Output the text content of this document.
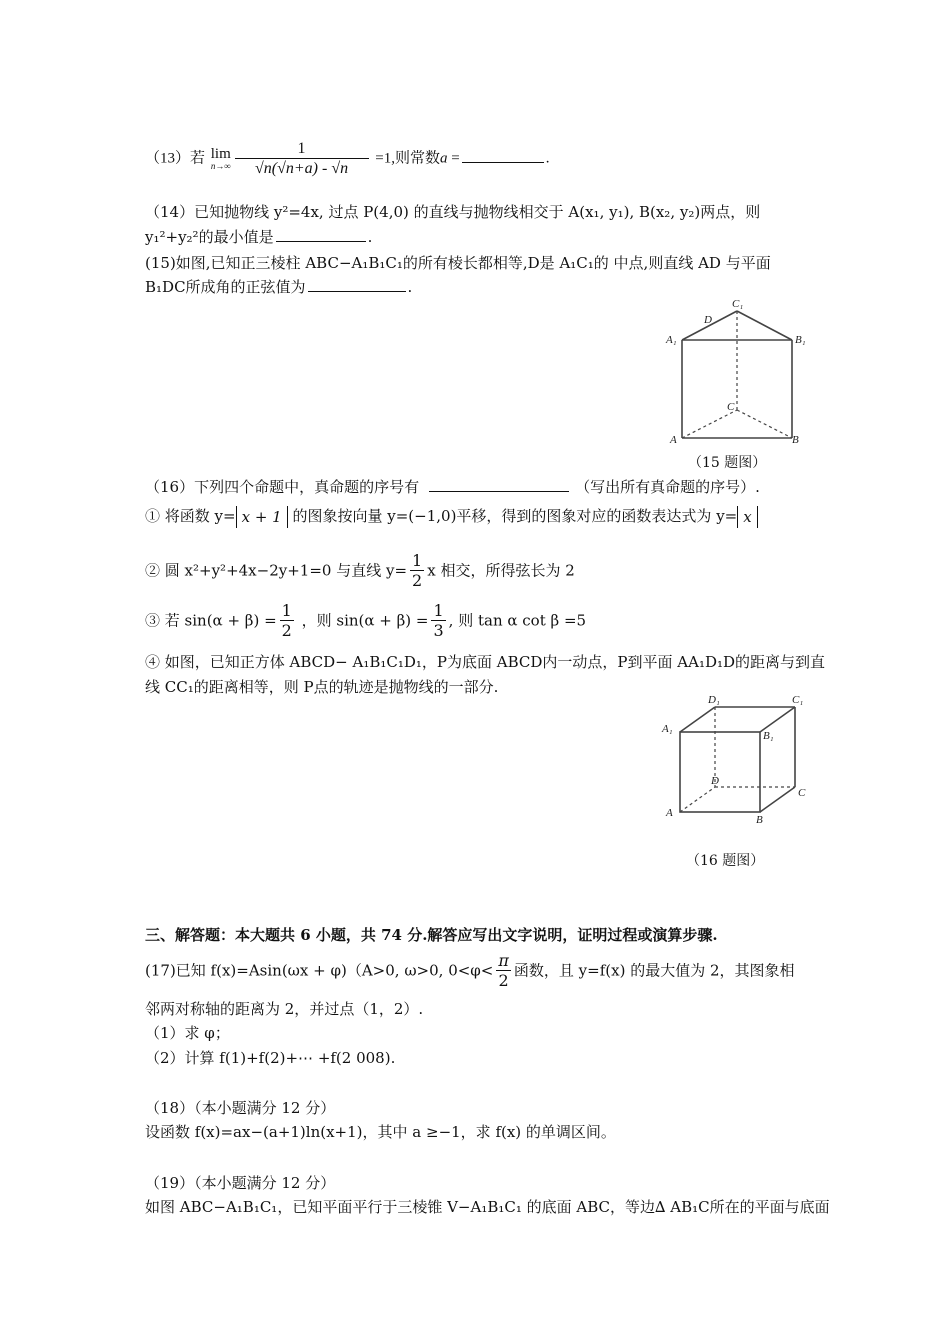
（13）若 lim
n→∞
$\frac{1}{√n(√n+a) - √n} =1$,则常数a =	.
（14）已知抛物线 y²=4x, 过点 P(4,0) 的直线与抛物线相交于 A(x₁, y₁), B(x₂, y₂)两点，则
y₁²+y₂²的最小值是	.
(15)如图,已知正三棱柱 ABC−A₁B₁C₁的所有棱长都相等,D是 A₁C₁的 中点,则直线 AD 与平面
B₁DC所成角的正弦值为	.
C₁
D
A₁	B₁
C
A	B
（15 题图）
（16）下列四个命题中，真命题的序号有	（写出所有真命题的序号）.
① 将函数 y= x + 1 的图象按向量 y=(−1,0)平移，得到的图象对应的函数表达式为 y= x
② 圆 x²+y²+4x−2y+1=0 与直线 $y= \frac{1}{2}$ x 相交，所得弦长为 2
③ 若 $\sin(\alpha + \beta) = \frac{1}{2}$ ，则 $\sin(\alpha + \beta) = \frac{1}{3}$ , 则 tan α cot β =5
④ 如图，已知正方体 ABCD− A₁B₁C₁D₁，P为底面 ABCD内一动点，P到平面 AA₁D₁D的距离与到直
线 CC₁的距离相等，则 P点的轨迹是抛物线的一部分.
D₁	C₁
A₁
B₁
D
C
A
B
（16 题图）
三、解答题：本大题共 6 小题，共 74 分.解答应写出文字说明，证明过程或演算步骤.
(17)已知 f(x)=Asin(ωx + φ)（A>0, ω>0, $0<\varphi< \frac{\pi}{2}$ 函数，且 y=f(x) 的最大值为 2，其图象相
邻两对称轴的距离为 2，并过点（1，2）.
（1）求 φ；
（2）计算 f(1)+f(2)+⋯ +f(2 008).
（18）（本小题满分 12 分）
设函数 f(x)=ax−(a+1)ln(x+1)，其中 a ≥−1，求 f(x) 的单调区间。
（19）（本小题满分 12 分）
如图 ABC−A₁B₁C₁，已知平面平行于三棱锥 V−A₁B₁C₁ 的底面 ABC，等边∆ AB₁C所在的平面与底面
